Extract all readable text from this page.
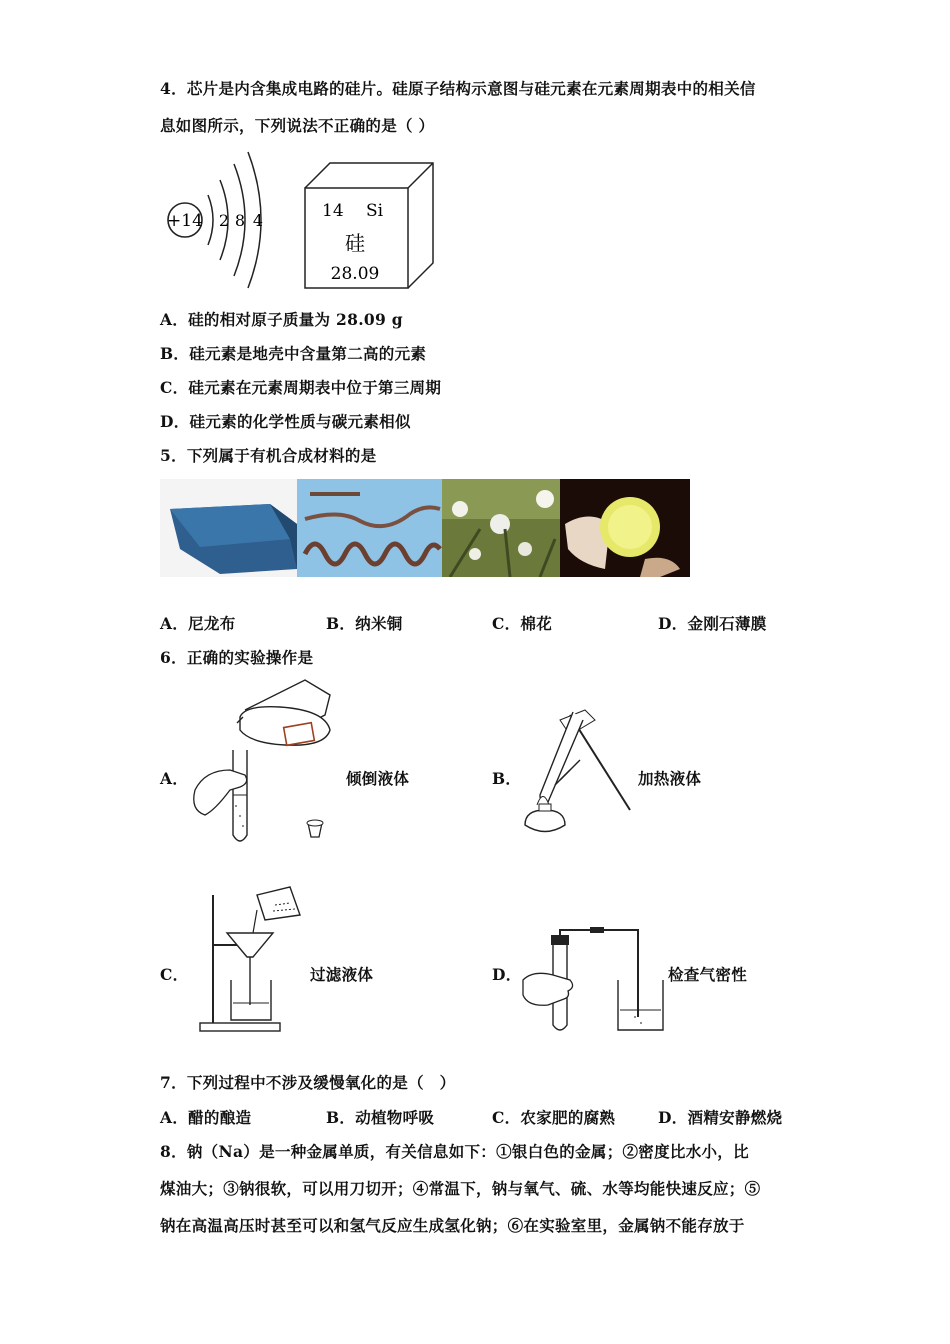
4．芯片是内含集成电路的硅片。硅原子结构示意图与硅元素在元素周期表中的相关信
息如图所示，下列说法不正确的是（ ）
+14 2 8 4	14 Si
硅
28.09
A．硅的相对原子质量为 28.09 g
B．硅元素是地壳中含量第二高的元素
C．硅元素在元素周期表中位于第三周期
D．硅元素的化学性质与碳元素相似
5．下列属于有机合成材料的是
A．尼龙布	B．纳米铜	C．棉花	D．金刚石薄膜
6．正确的实验操作是
A．	倾倒液体	B．	加热液体
C．	过滤液体	D．	检查气密性
7．下列过程中不涉及缓慢氧化的是（　）
A．醋的酿造	B．动植物呼吸	C．农家肥的腐熟	D．酒精安静燃烧
8．钠（Na）是一种金属单质，有关信息如下：①银白色的金属；②密度比水小，比
煤油大；③钠很软，可以用刀切开；④常温下，钠与氧气、硫、水等均能快速反应；⑤
钠在高温高压时甚至可以和氢气反应生成氢化钠；⑥在实验室里，金属钠不能存放于
